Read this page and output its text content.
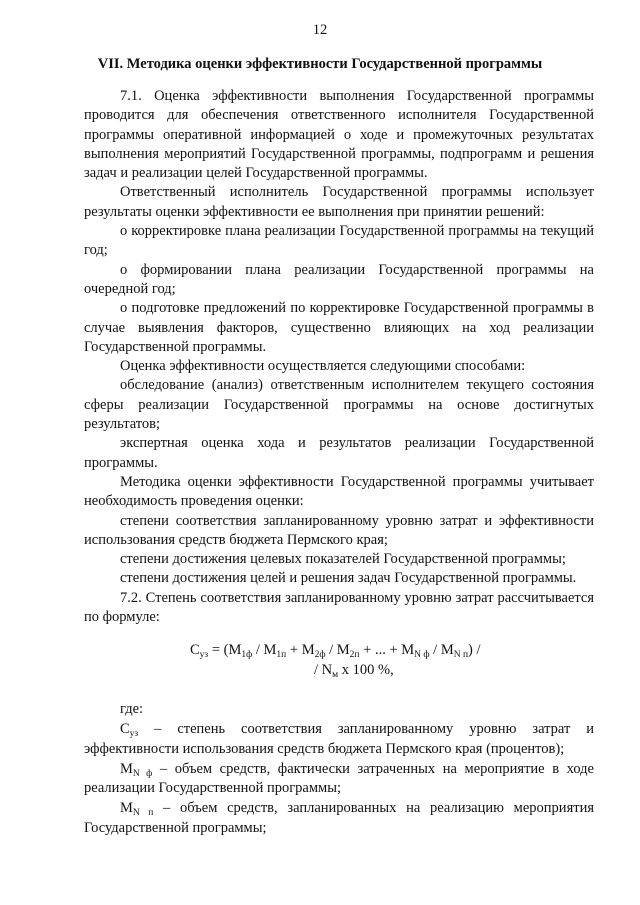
12
VII. Методика оценки эффективности Государственной программы

7.1. Оценка эффективности выполнения Государственной программы проводится для обеспечения ответственного исполнителя Государственной программы оперативной информацией о ходе и промежуточных результатах выполнения мероприятий Государственной программы, подпрограмм и решения задач и реализации целей Государственной программы.

Ответственный исполнитель Государственной программы использует результаты оценки эффективности ее выполнения при принятии решений:

о корректировке плана реализации Государственной программы на текущий год;

о формировании плана реализации Государственной программы на очередной год;

о подготовке предложений по корректировке Государственной программы в случае выявления факторов, существенно влияющих на ход реализации Государственной программы.

Оценка эффективности осуществляется следующими способами:

обследование (анализ) ответственным исполнителем текущего состояния сферы реализации Государственной программы на основе достигнутых результатов;

экспертная оценка хода и результатов реализации Государственной программы.

Методика оценки эффективности Государственной программы учитывает необходимость проведения оценки:

степени соответствия запланированному уровню затрат и эффективности использования средств бюджета Пермского края;

степени достижения целевых показателей Государственной программы;

степени достижения целей и решения задач Государственной программы.

7.2. Степень соответствия запланированному уровню затрат рассчитывается по формуле:

$С_{уз} = (М_{1ф} / М_{1п} + М_{2ф} / М_{2п}$ + ... + $М_{N ф} / М_{N п}$) /
/ $N_м$ х 100 %,

где:

$С_{уз}$ – степень соответствия запланированному уровню затрат и эффективности использования средств бюджета Пермского края (процентов);

$М_{N ф}$ – объем средств, фактически затраченных на мероприятие в ходе реализации Государственной программы;

$М_{N п}$ – объем средств, запланированных на реализацию мероприятия Государственной программы;
